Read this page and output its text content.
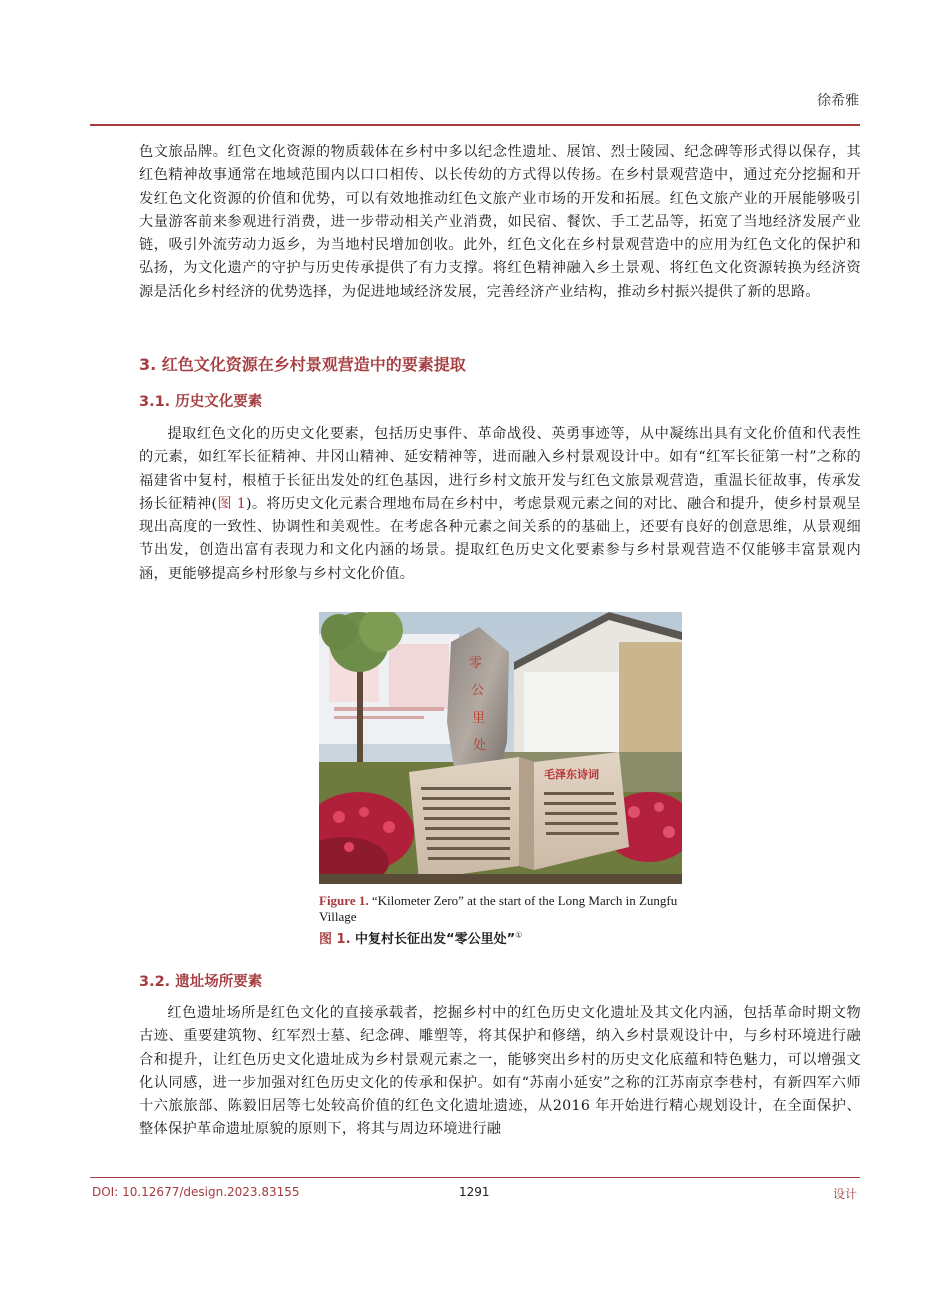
徐希雅

色文旅品牌。红色文化资源的物质载体在乡村中多以纪念性遗址、展馆、烈士陵园、纪念碑等形式得以保存，其红色精神故事通常在地域范围内以口口相传、以长传幼的方式得以传扬。在乡村景观营造中，通过充分挖掘和开发红色文化资源的价值和优势，可以有效地推动红色文旅产业市场的开发和拓展。红色文旅产业的开展能够吸引大量游客前来参观进行消费，进一步带动相关产业消费，如民宿、餐饮、手工艺品等，拓宽了当地经济发展产业链，吸引外流劳动力返乡，为当地村民增加创收。此外，红色文化在乡村景观营造中的应用为红色文化的保护和弘扬，为文化遗产的守护与历史传承提供了有力支撑。将红色精神融入乡土景观、将红色文化资源转换为经济资源是活化乡村经济的优势选择，为促进地域经济发展，完善经济产业结构，推动乡村振兴提供了新的思路。

3. 红色文化资源在乡村景观营造中的要素提取
3.1. 历史文化要素

提取红色文化的历史文化要素，包括历史事件、革命战役、英勇事迹等，从中凝练出具有文化价值和代表性的元素，如红军长征精神、井冈山精神、延安精神等，进而融入乡村景观设计中。如有“红军长征第一村”之称的福建省中复村，根植于长征出发处的红色基因，进行乡村文旅开发与红色文旅景观营造，重温长征故事，传承发扬长征精神(图 1)。将历史文化元素合理地布局在乡村中，考虑景观元素之间的对比、融合和提升，使乡村景观呈现出高度的一致性、协调性和美观性。在考虑各种元素之间关系的的基础上，还要有良好的创意思维，从景观细节出发，创造出富有表现力和文化内涵的场景。提取红色历史文化要素参与乡村景观营造不仅能够丰富景观内涵，更能够提高乡村形象与乡村文化价值。

零
公
里
处
毛泽东诗词

Figure 1. “Kilometer Zero” at the start of the Long March in Zungfu Village

图 1. 中复村长征出发“零公里处”①

3.2. 遗址场所要素

红色遗址场所是红色文化的直接承载者，挖掘乡村中的红色历史文化遗址及其文化内涵，包括革命时期文物古迹、重要建筑物、红军烈士墓、纪念碑、雕塑等，将其保护和修缮，纳入乡村景观设计中，与乡村环境进行融合和提升，让红色历史文化遗址成为乡村景观元素之一，能够突出乡村的历史文化底蕴和特色魅力，可以增强文化认同感，进一步加强对红色历史文化的传承和保护。如有“苏南小延安”之称的江苏南京李巷村，有新四军六师十六旅旅部、陈毅旧居等七处较高价值的红色文化遗址遗迹，从2016 年开始进行精心规划设计，在全面保护、整体保护革命遗址原貌的原则下，将其与周边环境进行融

DOI: 10.12677/design.2023.83155	1291	设计
